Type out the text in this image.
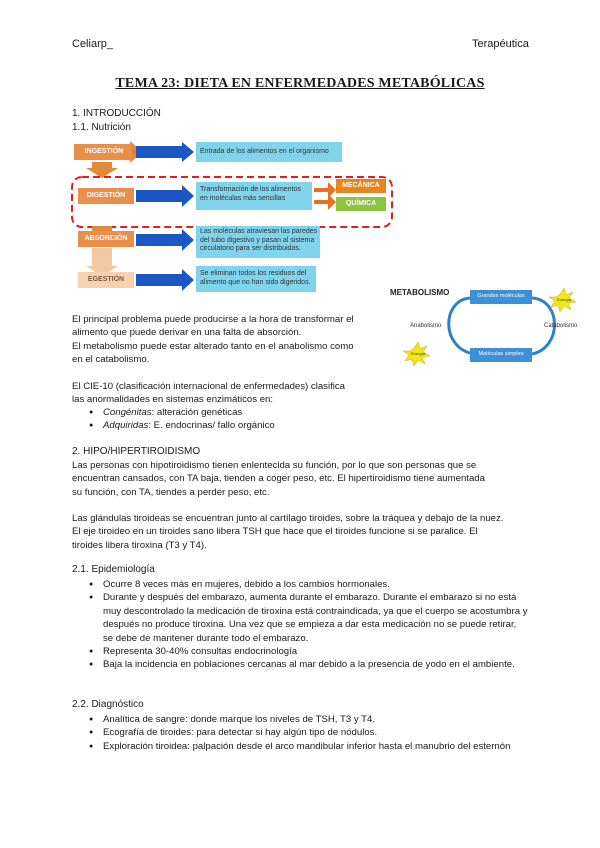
Celiarp_	Terapéutica
TEMA 23: DIETA EN ENFERMEDADES METABÓLICAS
1. INTRODUCCIÓN
1.1. Nutrición
INGESTIÓN	Entrada de los alimentos en el organismo
DIGESTIÓN
Transformación de los alimentos en moléculas más sencillas
MECÁNICA
QUÍMICA
ABSORCIÓN
Las moléculas atraviesan las paredes del tubo digestivo y pasan al sistema circulatorio para ser distribuidas.
EGESTIÓN
Se eliminan todos los residuos del alimento que no han sido digeridos.
METABOLISMO	Grandes moléculas
Moléculas simples
Anabolismo	Catabolismo
Energía
Energía
El principal problema puede producirse a la hora de transformar el
alimento que puede derivar en una falta de absorción.
El metabolismo puede estar alterado tanto en el anabolismo como
en el catabolismo.
El CIE-10 (clasificación internacional de enfermedades) clasifica
las anormalidades en sistemas enzimáticos en:
● Congénitas: alteración genéticas
● Adquiridas: E. endocrinas/ fallo orgánico
2. HIPO/HIPERTIROIDISMO
Las personas con hipotiroidismo tienen enlentecida su función, por lo que son personas que se
encuentran cansados, con TA baja, tienden a coger peso, etc. El hipertiroidismo tiene aumentada
su función, con TA, tiendes a perder peso, etc.
Las glándulas tiroideas se encuentran junto al cartílago tiroides, sobre la tráquea y debajo de la nuez.
El eje tiroideo en un tiroides sano libera TSH que hace que el tiroides funcione si se paralice. El
tiroides libera tiroxina (T3 y T4).
2.1. Epidemiología
● Ocurre 8 veces más en mujeres, debido a los cambios hormonales.
● Durante y después del embarazo, aumenta durante el embarazo. Durante el embarazo si no está muy descontrolado la medicación de tiroxina está contraindicada, ya que el cuerpo se acostumbra y después no produce tiroxina. Una vez que se empieza a dar esta medicación no se puede retirar, se debe de mantener durante todo el embarazo.
● Representa 30-40% consultas endocrinología
● Baja la incidencia en poblaciones cercanas al mar debido a la presencia de yodo en el ambiente.
2.2. Diagnóstico
● Analítica de sangre: donde marque los niveles de TSH, T3 y T4.
● Ecografía de tiroides: para detectar si hay algún tipo de nódulos.
● Exploración tiroidea: palpación desde el arco mandibular inferior hasta el manubrio del esternón
